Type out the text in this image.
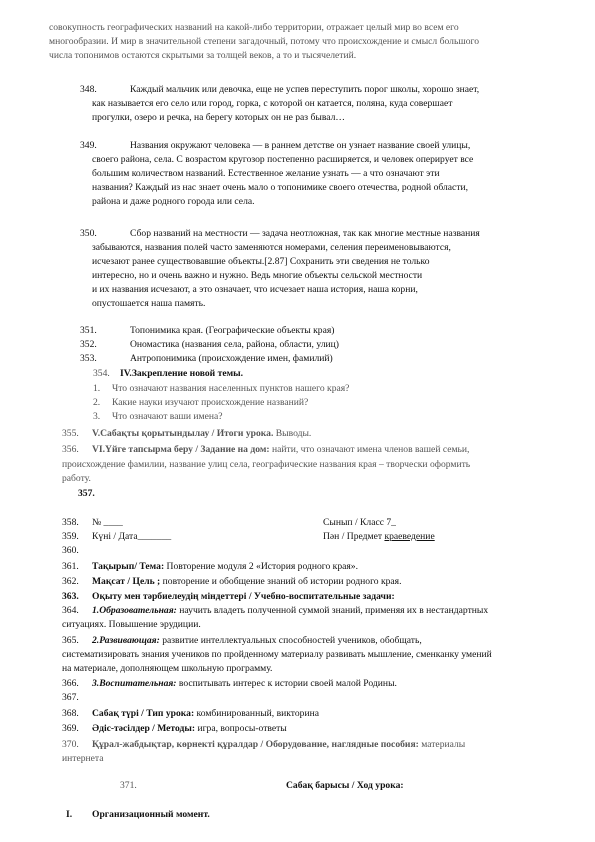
совокупность географических названий на какой-либо территории, отражает целый мир во всем его
многообразии. И мир в значительной степени загадочный, потому что происхождение и смысл большого
числа топонимов остаются скрытыми за толщей веков, а то и тысячелетий.
348.	Каждый мальчик или девочка, еще не успев переступить порог школы, хорошо знает,
как называется его село или город, горка, с которой он катается, поляна, куда совершает
прогулки, озеро и речка, на берегу которых он не раз бывал…
349.	Названия окружают человека — в раннем детстве он узнает название своей улицы,
своего района, села. С возрастом кругозор постепенно расширяется, и человек оперирует все
большим количеством названий. Естественное желание узнать — а что означают эти
названия? Каждый из нас знает очень мало о топонимике своего отечества, родной области,
района и даже родного города или села.
350.	Сбор названий на местности — задача неотложная, так как многие местные названия
забываются, названия полей часто заменяются номерами, селения переименовываются,
исчезают ранее существовавшие объекты.[2.87] Сохранить эти сведения не только
интересно, но и очень важно и нужно. Ведь многие объекты сельской местности
и их названия исчезают, а это означает, что исчезает наша история, наша корни,
опустошается наша память.
351.	Топонимика края. (Географические объекты края)
352.	Ономастика (названия села, района, области, улиц)
353.	Антропонимика (происхождение имен, фамилий)
354. IV.Закрепление новой темы.
1. Что означают названия населенных пунктов нашего края?
2. Какие науки изучают происхождение названий?
3. Что означают ваши имена?
355. V.Сабақты қорытындылау / Итоги урока. Выводы.
356. VI.Үйге тапсырма беру / Задание на дом: найти, что означают имена членов вашей семьи,
происхождение фамилии, название улиц села, географические названия края – творчески оформить
работу.
357.
358. № ____	Сынып / Класс 7_
359. Күні / Дата_______	Пән / Предмет краеведение
360.
361. Тақырып/ Тема: Повторение модуля 2 «История родного края».
362. Мақсат / Цель ; повторение и обобщение знаний об истории родного края.
363. Оқыту мен тәрбиелеудің міндеттері / Учебно-воспитательные задачи:
364. 1.Образовательная: научить владеть полученной суммой знаний, применяя их в нестандартных
ситуациях. Повышение эрудиции.
365. 2.Развивающая: развитие интеллектуальных способностей учеников, обобщать,
систематизировать знания учеников по пройденному материалу развивать мышление, сменканку умений
на материале, дополняющем школьную программу.
366. 3.Воспитательная: воспитывать интерес к истории своей малой Родины.
367.
368. Сабақ түрі / Тип урока: комбинированный, викторина
369. Әдіс-тәсілдер / Методы: игра, вопросы-ответы
370. Құрал-жабдықтар, көрнекті құралдар / Оборудование, наглядные пособия: материалы
интернета
371.	Сабақ барысы / Ход урока:
I. Организационный момент.
